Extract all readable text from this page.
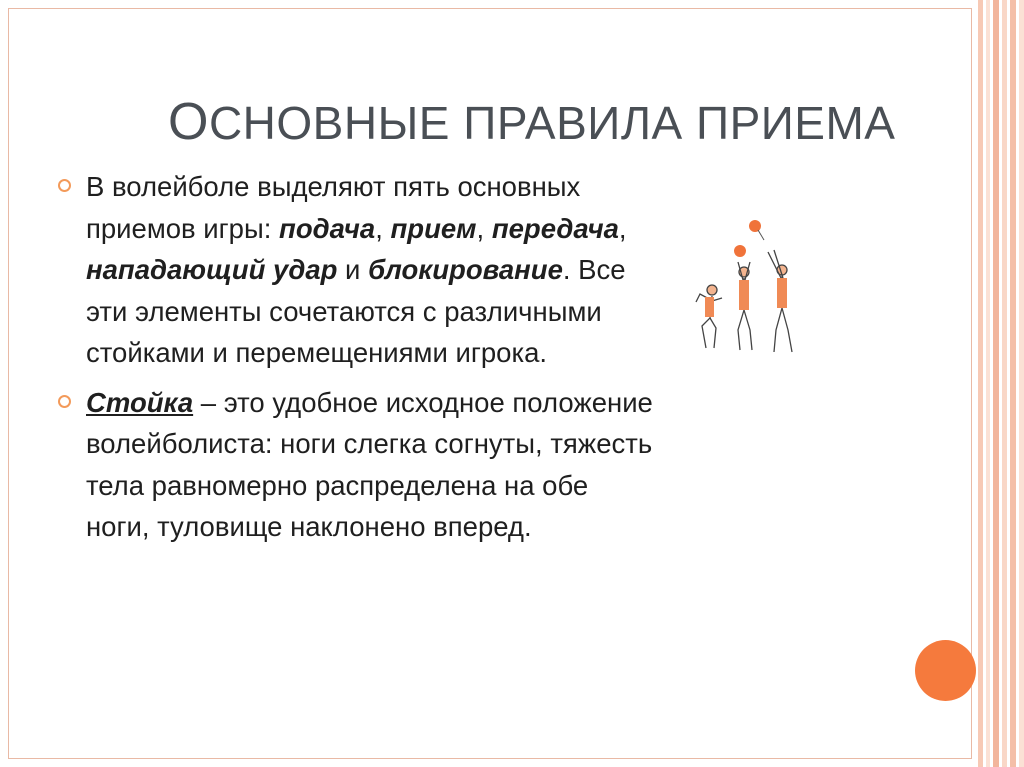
ОСНОВНЫЕ ПРАВИЛА ПРИЕМА
В волейболе выделяют пять основных приемов игры: подача, прием, передача, нападающий удар и блокирование. Все эти элементы сочетаются с различными стойками и перемещениями игрока.
Стойка – это удобное исходное положение волейболиста: ноги слегка согнуты, тяжесть тела равномерно распределена на обе ноги, туловище наклонено вперед.
